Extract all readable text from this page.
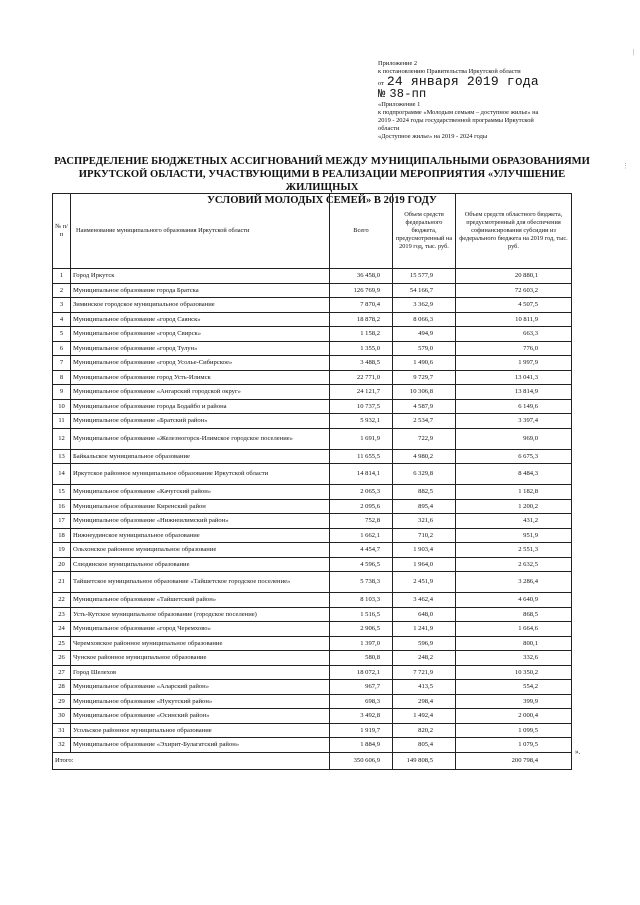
|
⋮
Приложение 2
к постановлению Правительства Иркутской области
от 24 января 2019 года
№ 38-пп
«Приложение 1
к подпрограмме «Молодым семьям – доступное жилье» на
2019 - 2024 годы государственной программы Иркутской
области
«Доступное жилье» на 2019 - 2024 годы
РАСПРЕДЕЛЕНИЕ БЮДЖЕТНЫХ АССИГНОВАНИЙ МЕЖДУ МУНИЦИПАЛЬНЫМИ ОБРАЗОВАНИЯМИ
ИРКУТСКОЙ ОБЛАСТИ, УЧАСТВУЮЩИМИ В РЕАЛИЗАЦИИ МЕРОПРИЯТИЯ «УЛУЧШЕНИЕ ЖИЛИЩНЫХ
УСЛОВИЙ МОЛОДЫХ СЕМЕЙ» В 2019 ГОДУ
№ п/п	Наименование муниципального образования Иркутской области	Всего	Объем средств федерального бюджета, предусмотренный на 2019 год, тыс. руб.	Объем средств областного бюджета, предусмотренный для обеспечения софинансирования субсидии из федерального бюджета на 2019 год, тыс. руб.
1	Город Иркутск	36 458,0	15 577,9	20 880,1
2	Муниципальное образование города Братска	126 769,9	54 166,7	72 603,2
3	Зиминское городское муниципальное образование	7 870,4	3 362,9	4 507,5
4	Муниципальное образование «город Саянск»	18 878,2	8 066,3	10 811,9
5	Муниципальное образование «город Свирск»	1 158,2	494,9	663,3
6	Муниципальное образование «город Тулун»	1 355,0	579,0	776,0
7	Муниципальное образование «город Усолье-Сибирское»	3 488,5	1 490,6	1 997,9
8	Муниципальное образование город Усть-Илимск	22 771,0	9 729,7	13 041,3
9	Муниципальное образование «Ангарский городской округ»	24 121,7	10 306,8	13 814,9
10	Муниципальное образование города Бодайбо и района	10 737,5	4 587,9	6 149,6
11	Муниципальное образование «Братский район»	5 932,1	2 534,7	3 397,4
12	Муниципальное образование «Железногорск-Илимское городское поселение»	1 691,9	722,9	969,0
13	Байкальское муниципальное образование	11 655,5	4 980,2	6 675,3
14	Иркутское районное муниципальное образование Иркутской области	14 814,1	6 329,8	8 484,3
15	Муниципальное образование «Качугский район»	2 065,3	882,5	1 182,8
16	Муниципальное образование Киренский район	2 095,6	895,4	1 200,2
17	Муниципальное образование «Нижнеилимский район»	752,8	321,6	431,2
18	Нижнеудинское муниципальное образование	1 662,1	710,2	951,9
19	Ольхонское районное муниципальное образование	4 454,7	1 903,4	2 551,3
20	Слюдянское муниципальное образование	4 596,5	1 964,0	2 632,5
21	Тайшетское муниципальное образование «Тайшетское городское поселение»	5 738,3	2 451,9	3 286,4
22	Муниципальное образование «Тайшетский район»	8 103,3	3 462,4	4 640,9
23	Усть-Кутское муниципальное образование (городское поселение)	1 516,5	648,0	868,5
24	Муниципальное образование «город Черемхово»	2 906,5	1 241,9	1 664,6
25	Черемховское районное муниципальное образование	1 397,0	596,9	800,1
26	Чунское районное муниципальное образование	580,8	248,2	332,6
27	Город Шелехов	18 072,1	7 721,9	10 350,2
28	Муниципальное образование «Аларский район»	967,7	413,5	554,2
29	Муниципальное образование «Нукутский район»	698,3	298,4	399,9
30	Муниципальное образование «Осинский район»	3 492,8	1 492,4	2 000,4
31	Усольское районное муниципальное образование	1 919,7	820,2	1 099,5
32	Муниципальное образование «Эхирит-Булагатский район»	1 884,9	805,4	1 079,5
Итого:		350 606,9	149 808,5	200 798,4
».
